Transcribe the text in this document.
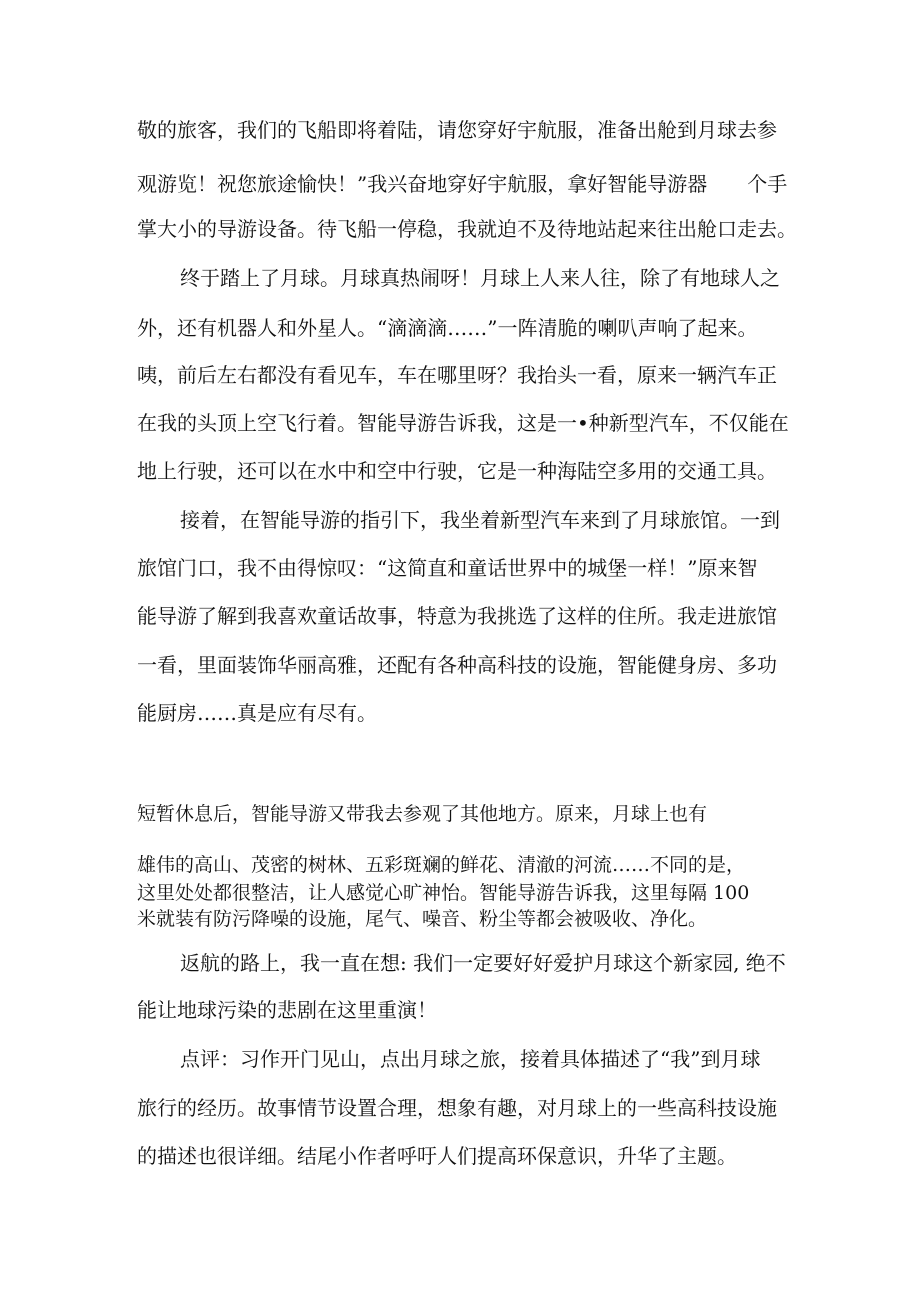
敬的旅客，我们的飞船即将着陆，请您穿好宇航服，准备出舱到月球去参
观游览！祝您旅途愉快！”我兴奋地穿好宇航服，拿好智能导游器　　个手
掌大小的导游设备。待飞船一停稳，我就迫不及待地站起来往出舱口走去。
终于踏上了月球。月球真热闹呀！月球上人来人往，除了有地球人之
外，还有机器人和外星人。“滴滴滴……”一阵清脆的喇叭声响了起来。
咦，前后左右都没有看见车，车在哪里呀？我抬头一看，原来一辆汽车正
在我的头顶上空飞行着。智能导游告诉我，这是一•种新型汽车，不仅能在
地上行驶，还可以在水中和空中行驶，它是一种海陆空多用的交通工具。
接着，在智能导游的指引下，我坐着新型汽车来到了月球旅馆。一到
旅馆门口，我不由得惊叹：“这简直和童话世界中的城堡一样！”原来智
能导游了解到我喜欢童话故事，特意为我挑选了这样的住所。我走进旅馆
一看，里面装饰华丽高雅，还配有各种高科技的设施，智能健身房、多功
能厨房……真是应有尽有。
短暂休息后，智能导游又带我去参观了其他地方。原来，月球上也有
雄伟的高山、茂密的树林、五彩斑斓的鲜花、清澈的河流……不同的是，
这里处处都很整洁，让人感觉心旷神怡。智能导游告诉我，这里每隔 100
米就装有防污降噪的设施，尾气、噪音、粉尘等都会被吸收、净化。
返航的路上，我一直在想: 我们一定要好好爱护月球这个新家园, 绝不
能让地球污染的悲剧在这里重演！
点评：习作开门见山，点出月球之旅，接着具体描述了“我”到月球
旅行的经历。故事情节设置合理，想象有趣，对月球上的一些高科技设施
的描述也很详细。结尾小作者呼吁人们提高环保意识，升华了主题。
